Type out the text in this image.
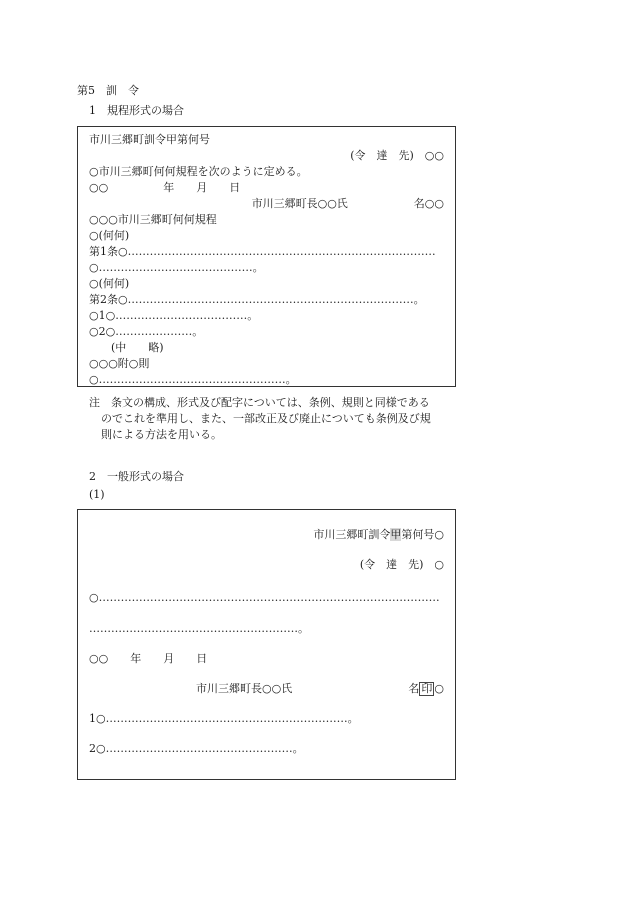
第5　訓　令
1　規程形式の場合
市川三郷町訓令甲第何号
(令　達　先)　○○
○市川三郷町何何規程を次のように定める。
○○　　　　　年　　月　　日
市川三郷町長○○氏　　　　　　名○○
○○○市川三郷町何何規程
○(何何)
第1条○…………………………………………………………………………
○……………………………………。
○(何何)
第2条○……………………………………………………………………。
○1○………………………………。
○2○…………………。
(中　　略)
○○○附○則
○……………………………………………。
注　条文の構成、形式及び配字については、条例、規則と同様である
のでこれを準用し、また、一部改正及び廃止についても条例及び規
則による方法を用いる。
2　一般形式の場合
(1)
市川三郷町訓令甲第何号○
(令　達　先)　○
○…………………………………………………………………………………
…………………………………………………。
○○　　年　　月　　日
市川三郷町長○○氏	名 印 ○
1○…………………………………………………………。
2○……………………………………………。
